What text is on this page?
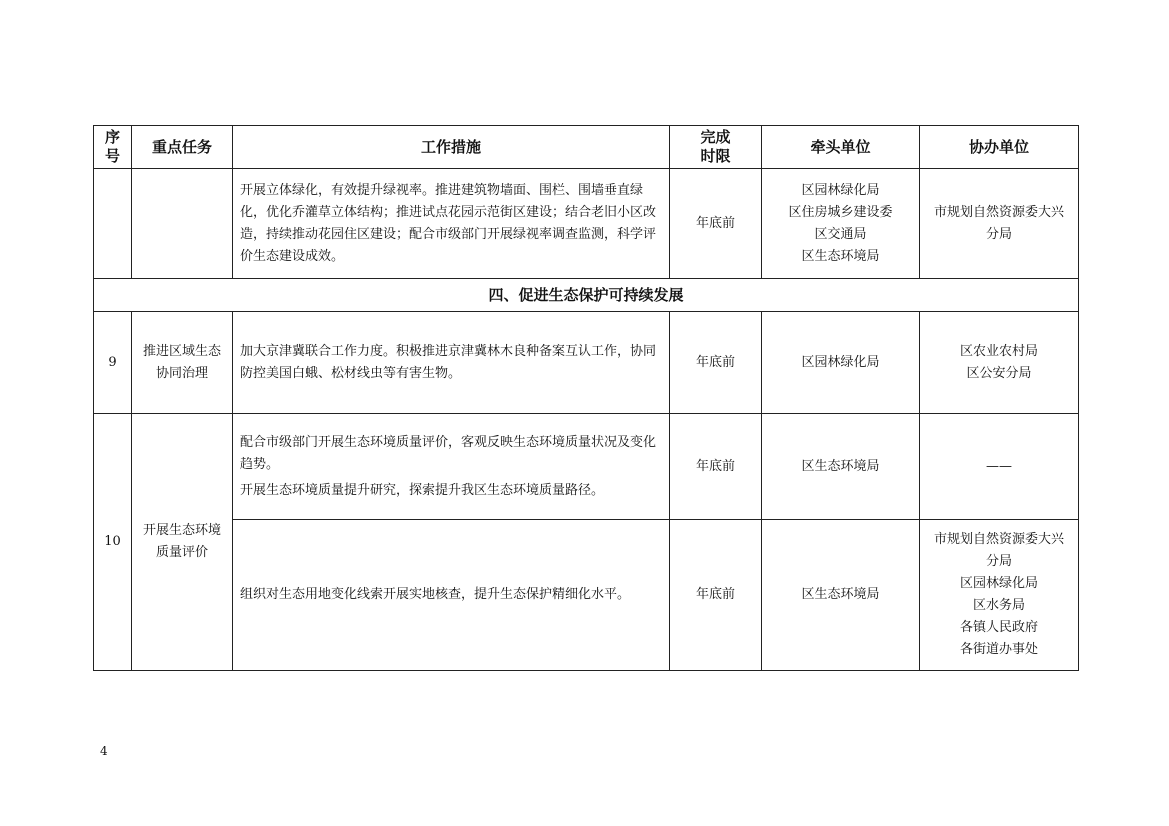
序号	重点任务	工作措施	完成时限	牵头单位	协办单位
		开展立体绿化，有效提升绿视率。推进建筑物墙面、围栏、围墙垂直绿化，优化乔灌草立体结构；推进试点花园示范街区建设；结合老旧小区改造，持续推动花园住区建设；配合市级部门开展绿视率调查监测，科学评价生态建设成效。	年底前	区园林绿化局
区住房城乡建设委
区交通局
区生态环境局	市规划自然资源委大兴分局
四、促进生态保护可持续发展					
9	推进区域生态协同治理	加大京津冀联合工作力度。积极推进京津冀林木良种备案互认工作，协同防控美国白蛾、松材线虫等有害生物。	年底前	区园林绿化局	区农业农村局
区公安分局

10	开展生态环境质量评价	配合市级部门开展生态环境质量评价，客观反映生态环境质量状况及变化趋势。
开展生态环境质量提升研究，探索提升我区生态环境质量路径。	年底前	区生态环境局	——
		组织对生态用地变化线索开展实地核查，提升生态保护精细化水平。	年底前	区生态环境局	市规划自然资源委大兴分局
区园林绿化局
区水务局
各镇人民政府
各街道办事处
4
